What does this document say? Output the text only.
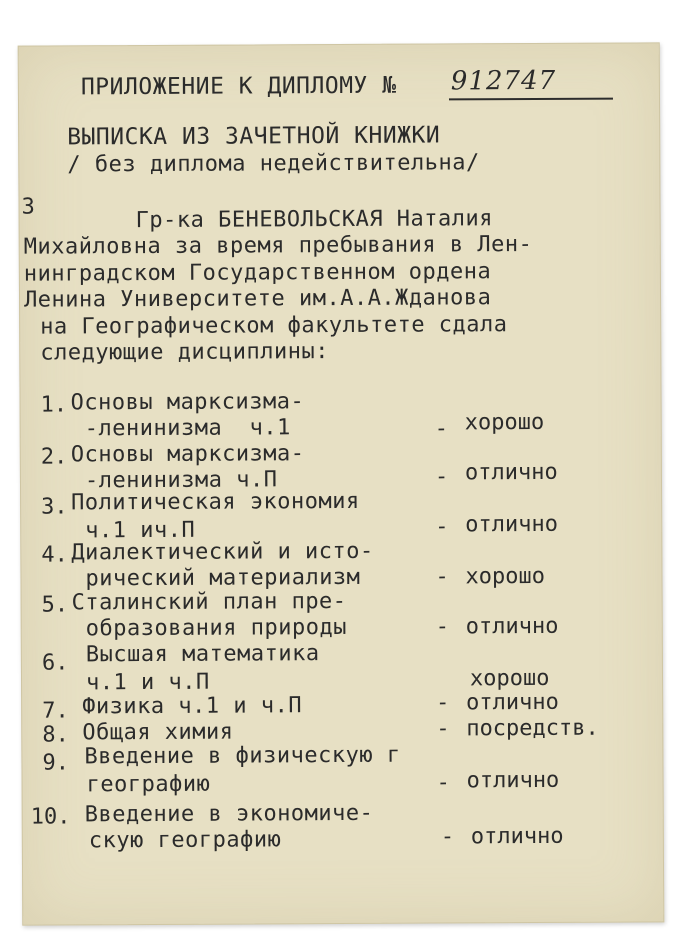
ПРИЛОЖЕНИЕ К ДИПЛОМУ № 912747
ВЫПИСКА ИЗ ЗАЧЕТНОЙ КНИЖКИ
/ без диплома недействительна/
3	Гр-ка БЕНЕВОЛЬСКАЯ Наталия
Михайловна за время пребывания в Лен-
нинградском Государственном ордена
Ленина Университете им.А.А.Жданова
на Географическом факультете сдала
следующие дисциплины:
1. Основы марксизма-
-ленинизма  ч.1	- хорошо
2. Основы марксизма-
-ленинизма ч.П	- отлично
3. Политическая экономия
ч.1 ич.П	- отлично
4. Диалектический и исто-
рический материализм	- хорошо
5. Сталинский план пре-
образования природы	- отлично
6. Высшая математика
ч.1 и ч.П	хорошо
7. Физика ч.1 и ч.П	- отлично
8. Общая химия	- посредств.
9. Введение в физическую г
географию	- отлично
10. Введение в экономиче-
скую географию	- отлично
